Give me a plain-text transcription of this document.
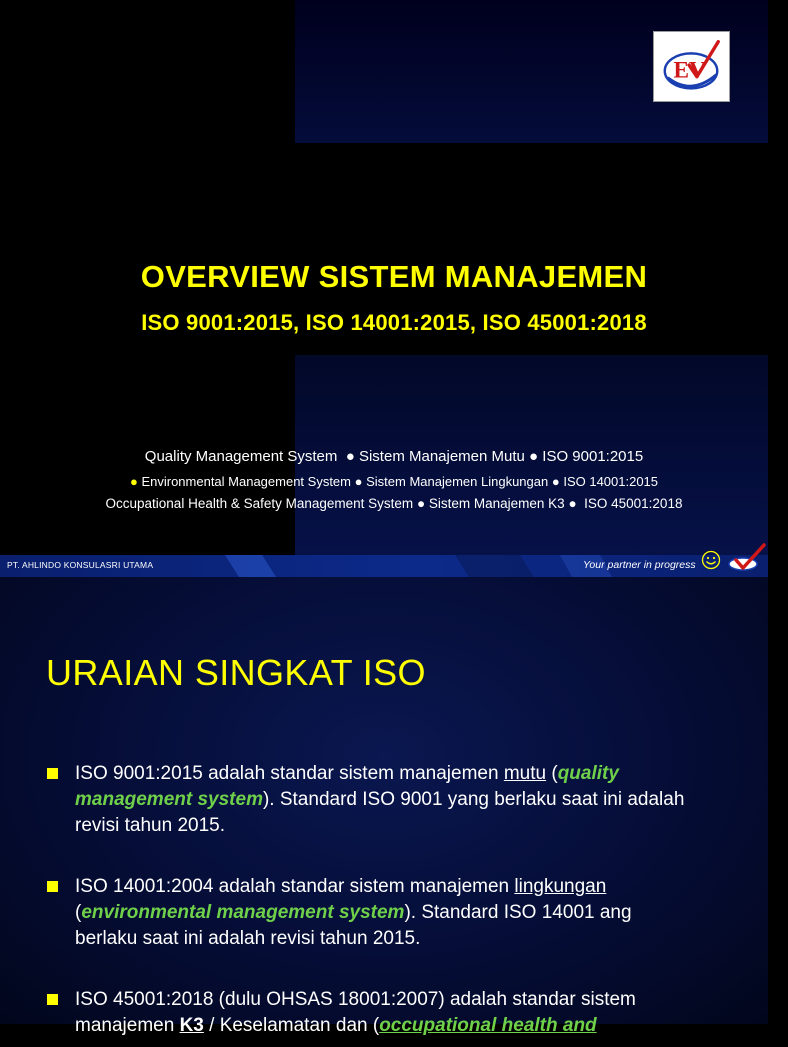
EV
OVERVIEW SISTEM MANAJEMEN
ISO 9001:2015, ISO 14001:2015, ISO 45001:2018
Quality Management System ● Sistem Manajemen Mutu ● ISO 9001:2015
● Environmental Management System ● Sistem Manajemen Lingkungan ● ISO 14001:2015
Occupational Health & Safety Management System ● Sistem Manajemen K3 ● ISO 45001:2018
PT. AHLINDO KONSULASRI UTAMA	Your partner in progress
URAIAN SINGKAT ISO
ISO 9001:2015 adalah standar sistem manajemen mutu (quality management system). Standard ISO 9001 yang berlaku saat ini adalah revisi tahun 2015.
ISO 14001:2004 adalah standar sistem manajemen lingkungan (environmental management system). Standard ISO 14001 ang berlaku saat ini adalah revisi tahun 2015.
ISO 45001:2018 (dulu OHSAS 18001:2007) adalah standar sistem manajemen K3 / Keselamatan dan (occupational health and
